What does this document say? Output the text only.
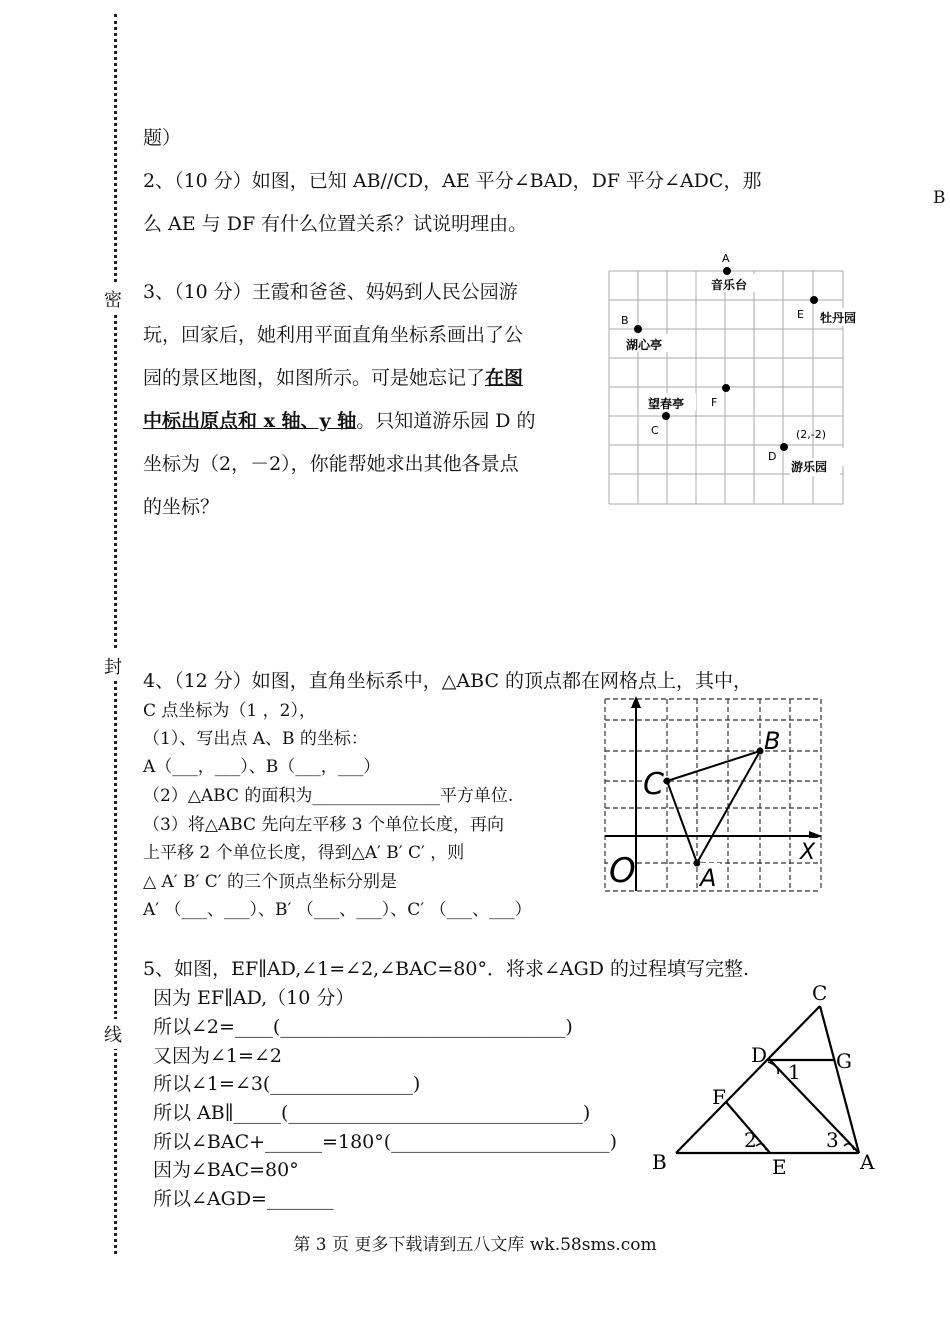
密
封
线
B
题）
2、（10 分）如图，已知 AB//CD，AE 平分∠BAD，DF 平分∠ADC，那
么 AE 与 DF 有什么位置关系？试说明理由。
3、（10 分）王霞和爸爸、妈妈到人民公园游
玩，回家后，她利用平面直角坐标系画出了公
园的景区地图，如图所示。可是她忘记了在图
中标出原点和 x 轴、y 轴。只知道游乐园 D 的
坐标为（2，－2），你能帮她求出其他各景点
的坐标？
A
音乐台
E 牡丹园
B
湖心亭
F
望春亭
C	(2,-2)
D
游乐园
4、（12 分）如图，直角坐标系中，△ABC 的顶点都在网格点上，其中，
C 点坐标为（1 ，2），
（1）、写出点 A、B 的坐标：
A（___，___）、B（___，___）
（2）△ABC 的面积为_______________平方单位.
（3）将△ABC 先向左平移 3 个单位长度，再向
上平移 2 个单位长度，得到△A′ B′ C′ ，则
△ A′ B′ C′ 的三个顶点坐标分别是
A′ （___、___）、B′ （___、___）、C′ （___、___）
C
B
A
X
O
5、如图，EF∥AD,∠1=∠2,∠BAC=80°．将求∠AGD 的过程填写完整.
因为 EF∥AD,（10 分）
所以∠2=____(______________________________)
又因为∠1=∠2
所以∠1=∠3(_______________)
所以 AB∥_____(_______________________________)
所以∠BAC+______=180°(_______________________)
因为∠BAC=80°
所以∠AGD=_______
C
D	G
F
B	E	A
1
2	3
第 3 页 更多下载请到五八文库 wk.58sms.com
